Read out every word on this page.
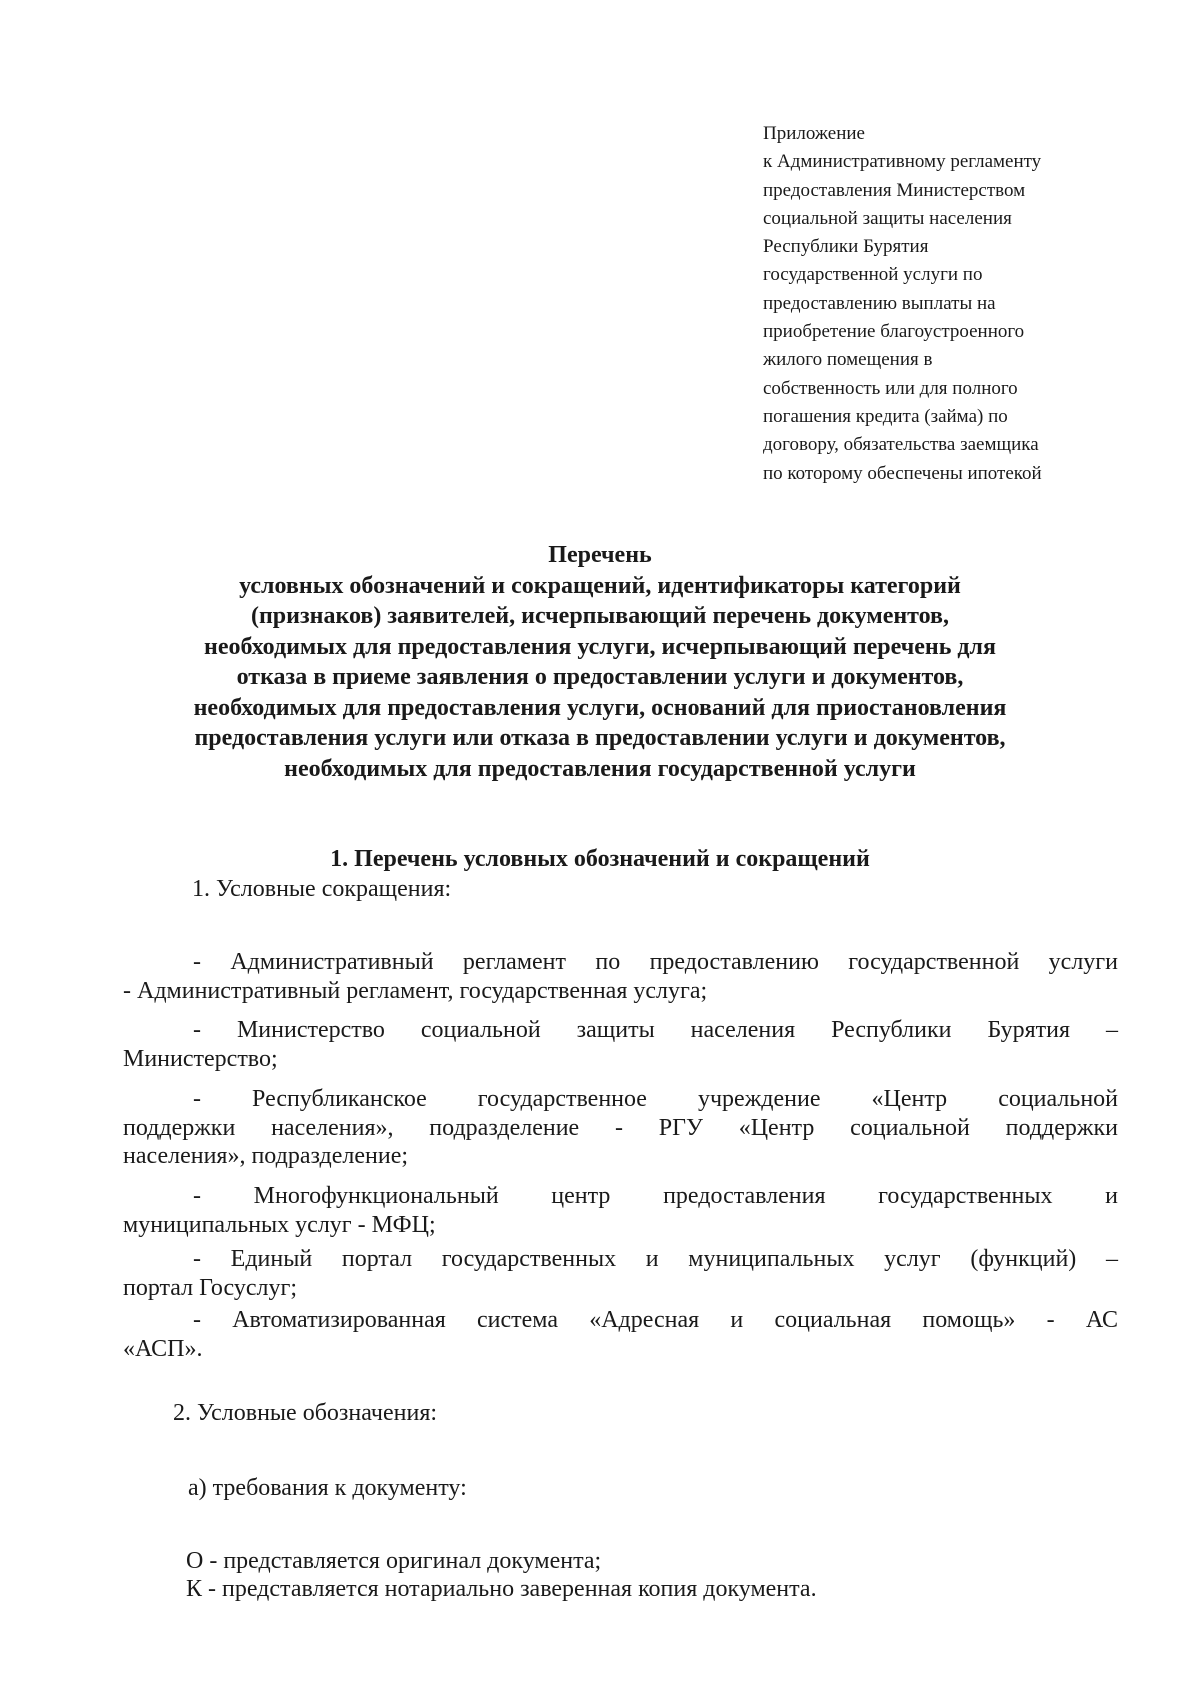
Приложение
к Административному регламенту
предоставления Министерством
социальной защиты населения
Республики Бурятия
государственной услуги по
предоставлению выплаты на
приобретение благоустроенного
жилого помещения в
собственность или для полного
погашения кредита (займа) по
договору, обязательства заемщика
по которому обеспечены ипотекой
Перечень
условных обозначений и сокращений, идентификаторы категорий
(признаков) заявителей, исчерпывающий перечень документов,
необходимых для предоставления услуги, исчерпывающий перечень для
отказа в приеме заявления о предоставлении услуги и документов,
необходимых для предоставления услуги, оснований для приостановления
предоставления услуги или отказа в предоставлении услуги и документов,
необходимых для предоставления государственной услуги
1. Перечень условных обозначений и сокращений
1. Условные сокращения:
- Административный регламент по предоставлению государственной услуги
- Административный регламент, государственная услуга;
- Министерство социальной защиты населения Республики Бурятия –
Министерство;
- Республиканское государственное учреждение «Центр социальной
поддержки населения», подразделение - РГУ «Центр социальной поддержки
населения», подразделение;
- Многофункциональный центр предоставления государственных и
муниципальных услуг - МФЦ;
- Единый портал государственных и муниципальных услуг (функций) –
портал Госуслуг;
- Автоматизированная система «Адресная и социальная помощь» - АС
«АСП».
2. Условные обозначения:
а) требования к документу:
О - представляется оригинал документа;
К - представляется нотариально заверенная копия документа.
